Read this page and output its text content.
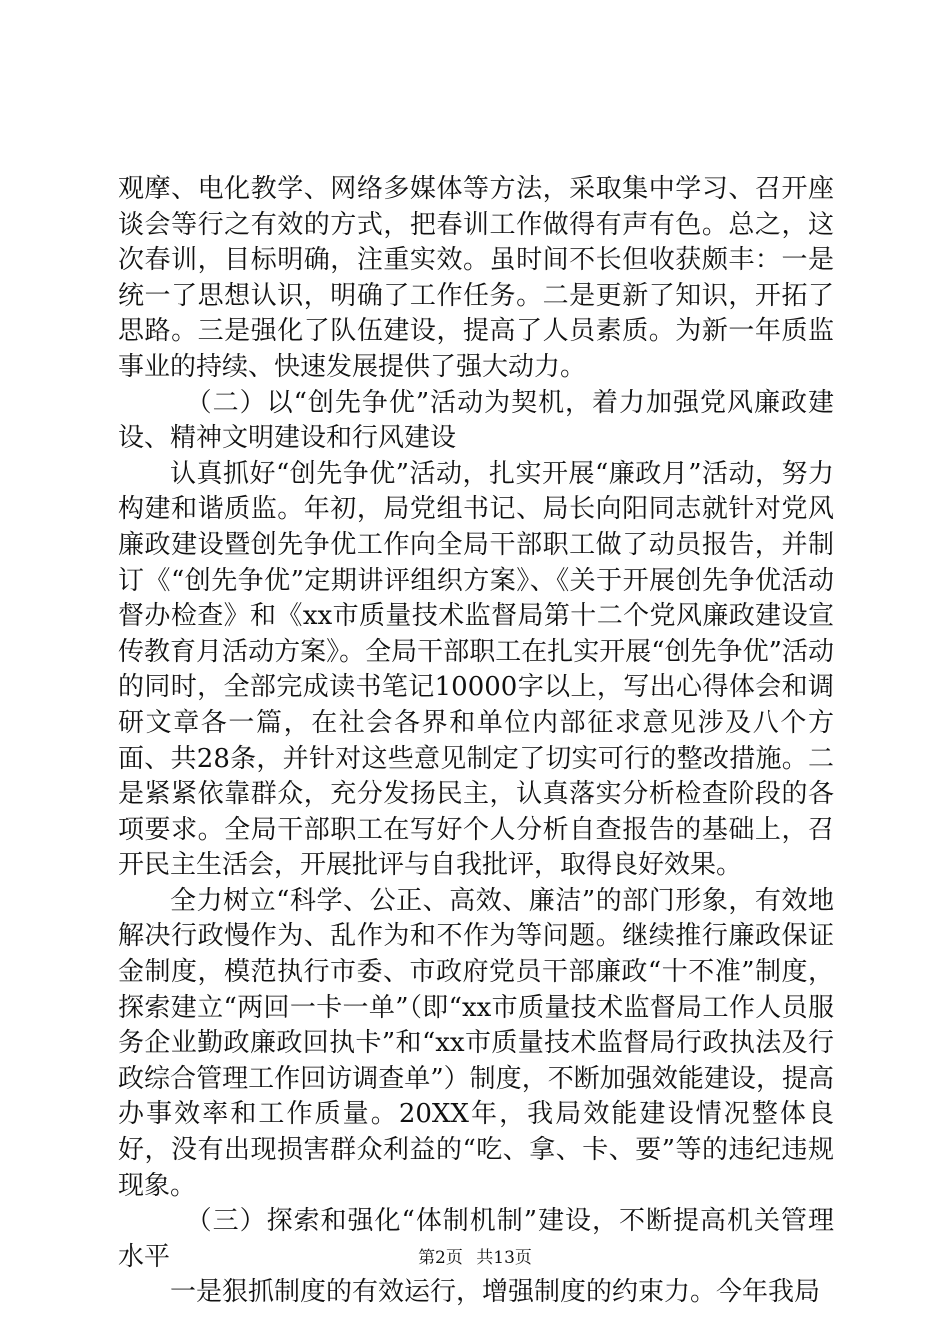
观摩、电化教学、网络多媒体等方法，采取集中学习、召开座谈会等行之有效的方式，把春训工作做得有声有色。总之，这次春训，目标明确，注重实效。虽时间不长但收获颇丰：一是统一了思想认识，明确了工作任务。二是更新了知识，开拓了思路。三是强化了队伍建设，提高了人员素质。为新一年质监事业的持续、快速发展提供了强大动力。

（二）以“创先争优”活动为契机，着力加强党风廉政建设、精神文明建设和行风建设

认真抓好“创先争优”活动，扎实开展“廉政月”活动，努力构建和谐质监。年初，局党组书记、局长向阳同志就针对党风廉政建设暨创先争优工作向全局干部职工做了动员报告，并制订《“创先争优”定期讲评组织方案》、《关于开展创先争优活动督办检查》和《xx市质量技术监督局第十二个党风廉政建设宣传教育月活动方案》。全局干部职工在扎实开展“创先争优”活动的同时，全部完成读书笔记10000字以上，写出心得体会和调研文章各一篇，在社会各界和单位内部征求意见涉及八个方面、共28条，并针对这些意见制定了切实可行的整改措施。二是紧紧依靠群众，充分发扬民主，认真落实分析检查阶段的各项要求。全局干部职工在写好个人分析自查报告的基础上，召开民主生活会，开展批评与自我批评，取得良好效果。

全力树立“科学、公正、高效、廉洁”的部门形象，有效地解决行政慢作为、乱作为和不作为等问题。继续推行廉政保证金制度，模范执行市委、市政府党员干部廉政“十不准”制度，探索建立“两回一卡一单”（即“xx市质量技术监督局工作人员服务企业勤政廉政回执卡”和“xx市质量技术监督局行政执法及行政综合管理工作回访调查单”）制度，不断加强效能建设，提高办事效率和工作质量。20XX年，我局效能建设情况整体良好，没有出现损害群众利益的“吃、拿、卡、要”等的违纪违规现象。

（三）探索和强化“体制机制”建设，不断提高机关管理水平

一是狠抓制度的有效运行，增强制度的约束力。今年我局

第2页 共13页
